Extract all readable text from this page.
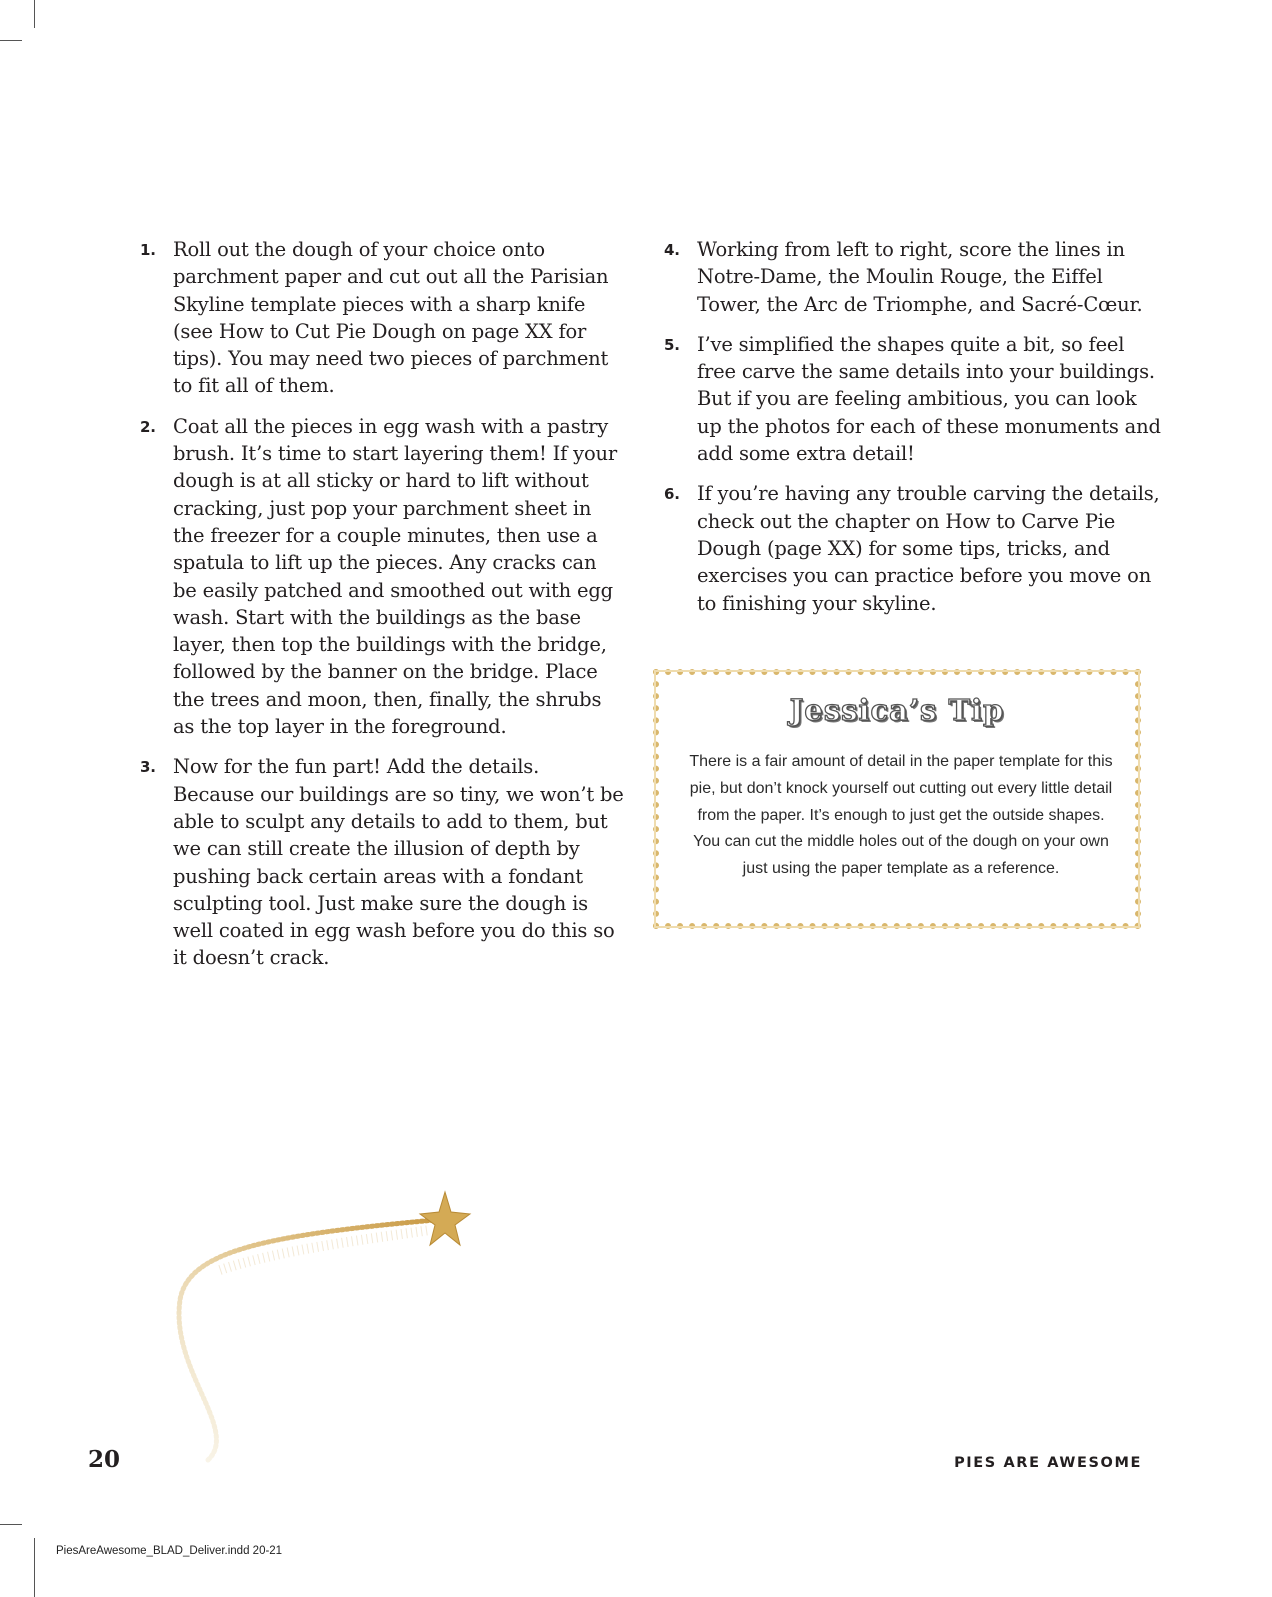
1. Roll out the dough of your choice onto parchment paper and cut out all the Parisian Skyline template pieces with a sharp knife (see How to Cut Pie Dough on page XX for tips). You may need two pieces of parchment to fit all of them.
2. Coat all the pieces in egg wash with a pastry brush. It’s time to start layering them! If your dough is at all sticky or hard to lift without cracking, just pop your parchment sheet in the freezer for a couple minutes, then use a spatula to lift up the pieces. Any cracks can be easily patched and smoothed out with egg wash. Start with the buildings as the base layer, then top the buildings with the bridge, followed by the banner on the bridge. Place the trees and moon, then, finally, the shrubs as the top layer in the foreground.
3. Now for the fun part! Add the details. Because our buildings are so tiny, we won’t be able to sculpt any details to add to them, but we can still create the illusion of depth by pushing back certain areas with a fondant sculpting tool. Just make sure the dough is well coated in egg wash before you do this so it doesn’t crack.
4. Working from left to right, score the lines in Notre-Dame, the Moulin Rouge, the Eiffel Tower, the Arc de Triomphe, and Sacré-Cœur.
5. I’ve simplified the shapes quite a bit, so feel free carve the same details into your buildings. But if you are feeling ambitious, you can look up the photos for each of these monuments and add some extra detail!
6. If you’re having any trouble carving the details, check out the chapter on How to Carve Pie Dough (page XX) for some tips, tricks, and exercises you can practice before you move on to finishing your skyline.
Jessica’s Tip
There is a fair amount of detail in the paper template for this pie, but don’t knock yourself out cutting out every little detail from the paper. It’s enough to just get the outside shapes. You can cut the middle holes out of the dough on your own just using the paper template as a reference.
20	PIES ARE AWESOME
PiesAreAwesome_BLAD_Deliver.indd 20-21
